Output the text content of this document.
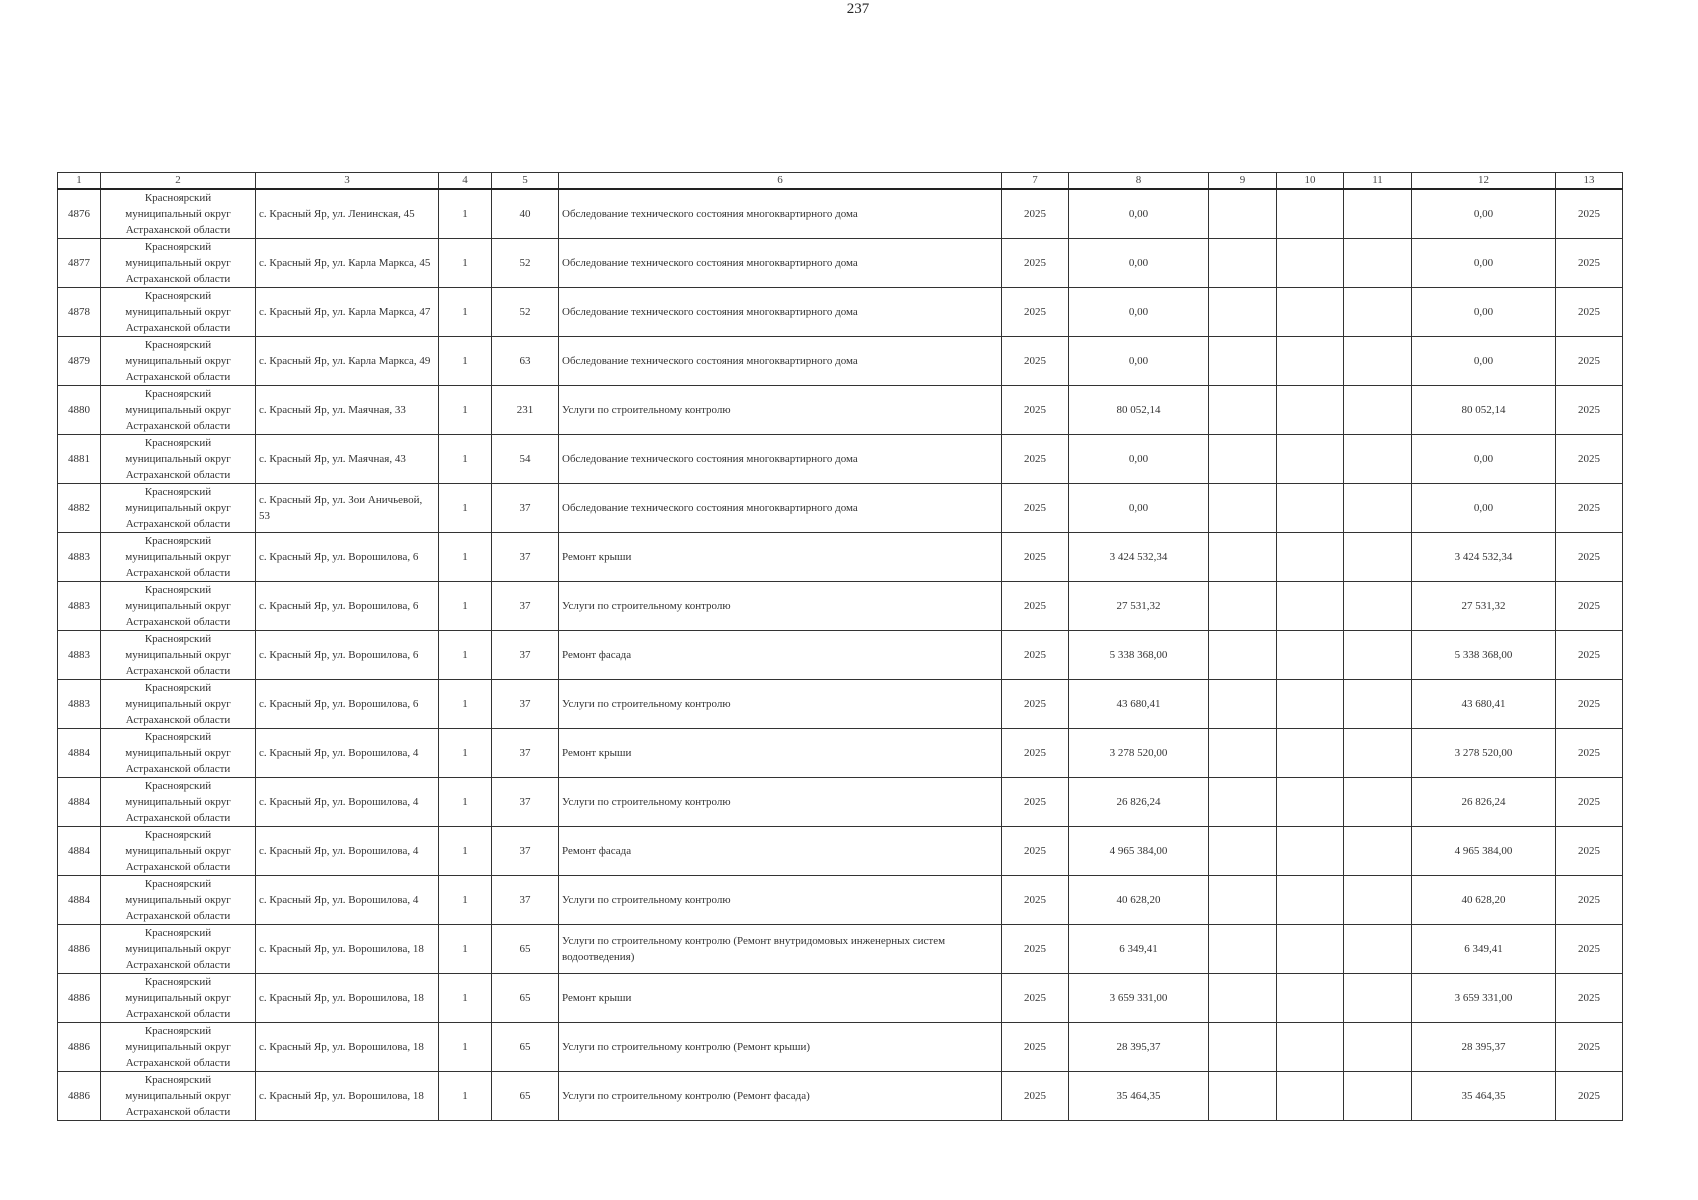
237
1	2	3	4	5	6	7	8	9	10	11	12	13
4876	Красноярский
муниципальный округ
Астраханской области	с. Красный Яр, ул. Ленинская, 45	1	40	Обследование технического состояния многоквартирного дома	2025	0,00				0,00	2025
4877	Красноярский
муниципальный округ
Астраханской области	с. Красный Яр, ул. Карла Маркса, 45	1	52	Обследование технического состояния многоквартирного дома	2025	0,00				0,00	2025
4878	Красноярский
муниципальный округ
Астраханской области	с. Красный Яр, ул. Карла Маркса, 47	1	52	Обследование технического состояния многоквартирного дома	2025	0,00				0,00	2025
4879	Красноярский
муниципальный округ
Астраханской области	с. Красный Яр, ул. Карла Маркса, 49	1	63	Обследование технического состояния многоквартирного дома	2025	0,00				0,00	2025
4880	Красноярский
муниципальный округ
Астраханской области	с. Красный Яр, ул. Маячная, 33	1	231	Услуги по строительному контролю	2025	80 052,14				80 052,14	2025
4881	Красноярский
муниципальный округ
Астраханской области	с. Красный Яр, ул. Маячная, 43	1	54	Обследование технического состояния многоквартирного дома	2025	0,00				0,00	2025
4882	Красноярский
муниципальный округ
Астраханской области	с. Красный Яр, ул. Зои Аничьевой, 53	1	37	Обследование технического состояния многоквартирного дома	2025	0,00				0,00	2025
4883	Красноярский
муниципальный округ
Астраханской области	с. Красный Яр, ул. Ворошилова, 6	1	37	Ремонт крыши	2025	3 424 532,34				3 424 532,34	2025
4883	Красноярский
муниципальный округ
Астраханской области	с. Красный Яр, ул. Ворошилова, 6	1	37	Услуги по строительному контролю	2025	27 531,32				27 531,32	2025
4883	Красноярский
муниципальный округ
Астраханской области	с. Красный Яр, ул. Ворошилова, 6	1	37	Ремонт фасада	2025	5 338 368,00				5 338 368,00	2025
4883	Красноярский
муниципальный округ
Астраханской области	с. Красный Яр, ул. Ворошилова, 6	1	37	Услуги по строительному контролю	2025	43 680,41				43 680,41	2025
4884	Красноярский
муниципальный округ
Астраханской области	с. Красный Яр, ул. Ворошилова, 4	1	37	Ремонт крыши	2025	3 278 520,00				3 278 520,00	2025
4884	Красноярский
муниципальный округ
Астраханской области	с. Красный Яр, ул. Ворошилова, 4	1	37	Услуги по строительному контролю	2025	26 826,24				26 826,24	2025
4884	Красноярский
муниципальный округ
Астраханской области	с. Красный Яр, ул. Ворошилова, 4	1	37	Ремонт фасада	2025	4 965 384,00				4 965 384,00	2025
4884	Красноярский
муниципальный округ
Астраханской области	с. Красный Яр, ул. Ворошилова, 4	1	37	Услуги по строительному контролю	2025	40 628,20				40 628,20	2025
4886	Красноярский
муниципальный округ
Астраханской области	с. Красный Яр, ул. Ворошилова, 18	1	65	Услуги по строительному контролю (Ремонт внутридомовых инженерных систем водоотведения)	2025	6 349,41				6 349,41	2025
4886	Красноярский
муниципальный округ
Астраханской области	с. Красный Яр, ул. Ворошилова, 18	1	65	Ремонт крыши	2025	3 659 331,00				3 659 331,00	2025
4886	Красноярский
муниципальный округ
Астраханской области	с. Красный Яр, ул. Ворошилова, 18	1	65	Услуги по строительному контролю (Ремонт крыши)	2025	28 395,37				28 395,37	2025
4886	Красноярский
муниципальный округ
Астраханской области	с. Красный Яр, ул. Ворошилова, 18	1	65	Услуги по строительному контролю (Ремонт фасада)	2025	35 464,35				35 464,35	2025
